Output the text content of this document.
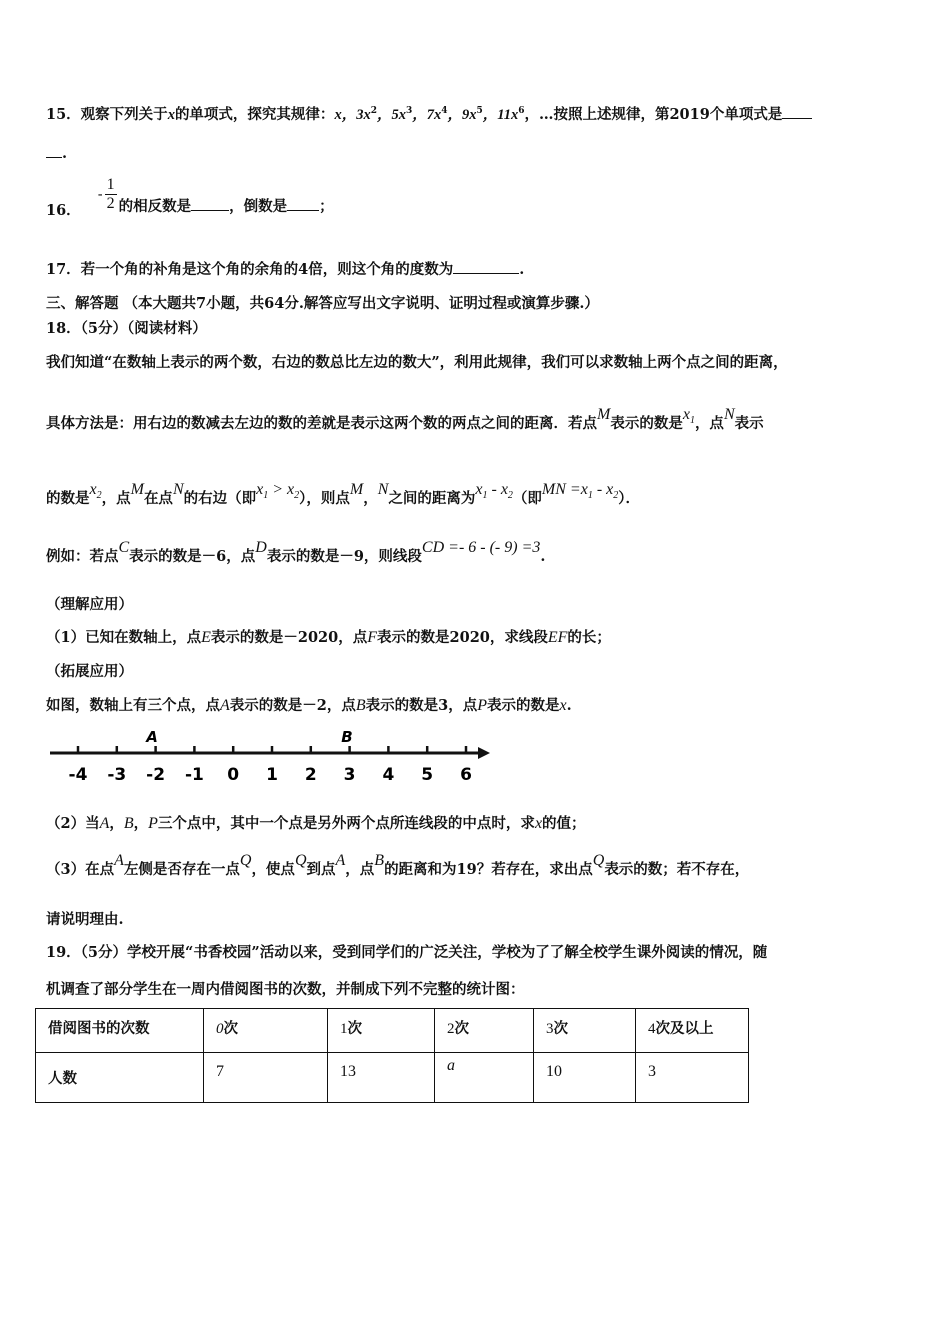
15．观察下列关于x的单项式，探究其规律：x，$3x^2$，$5x^3$，$7x^4$，$9x^5$，$11x^6$，…按照上述规律，第2019个单项式是
.
16． - $\frac{1}{2}$ 的相反数是	，倒数是 ；
17．若一个角的补角是这个角的余角的4倍，则这个角的度数为	.
三、解答题 （本大题共7小题，共64分.解答应写出文字说明、证明过程或演算步骤.）
18．（5分）（阅读材料）
我们知道“在数轴上表示的两个数，右边的数总比左边的数大”，利用此规律，我们可以求数轴上两个点之间的距离，
具体方法是：用右边的数减去左边的数的差就是表示这两个数的两点之间的距离．若点M表示的数是$x_1$，点N表示
的数是$x_2$，点M在点N的右边（即$x_1 > x_2$），则点M，N之间的距离为$x_1 - x_2$（即MN $=x_1 - x_2$）．
例如：若点C表示的数是－6，点D表示的数是－9，则线段CD =- 6 - (- 9) =3.
（理解应用）
（1）已知在数轴上，点E表示的数是－2020，点F表示的数是2020，求线段EF的长；
（拓展应用）
如图，数轴上有三个点，点A表示的数是－2，点B表示的数是3，点P表示的数是x.
-4 -3 -2 -1 0 1 2 3 4 5 6
A	B
（2）当A，B，P三个点中，其中一个点是另外两个点所连线段的中点时，求x的值；
（3）在点A左侧是否存在一点Q，使点Q到点A，点B的距离和为19？若存在，求出点Q表示的数；若不存在，
请说明理由.
19．（5分）学校开展“书香校园”活动以来，受到同学们的广泛关注，学校为了了解全校学生课外阅读的情况，随
机调查了部分学生在一周内借阅图书的次数，并制成下列不完整的统计图：
借阅图书的次数	0次	1次	2次	3次	4次及以上
人数	7	13	a	10	3
